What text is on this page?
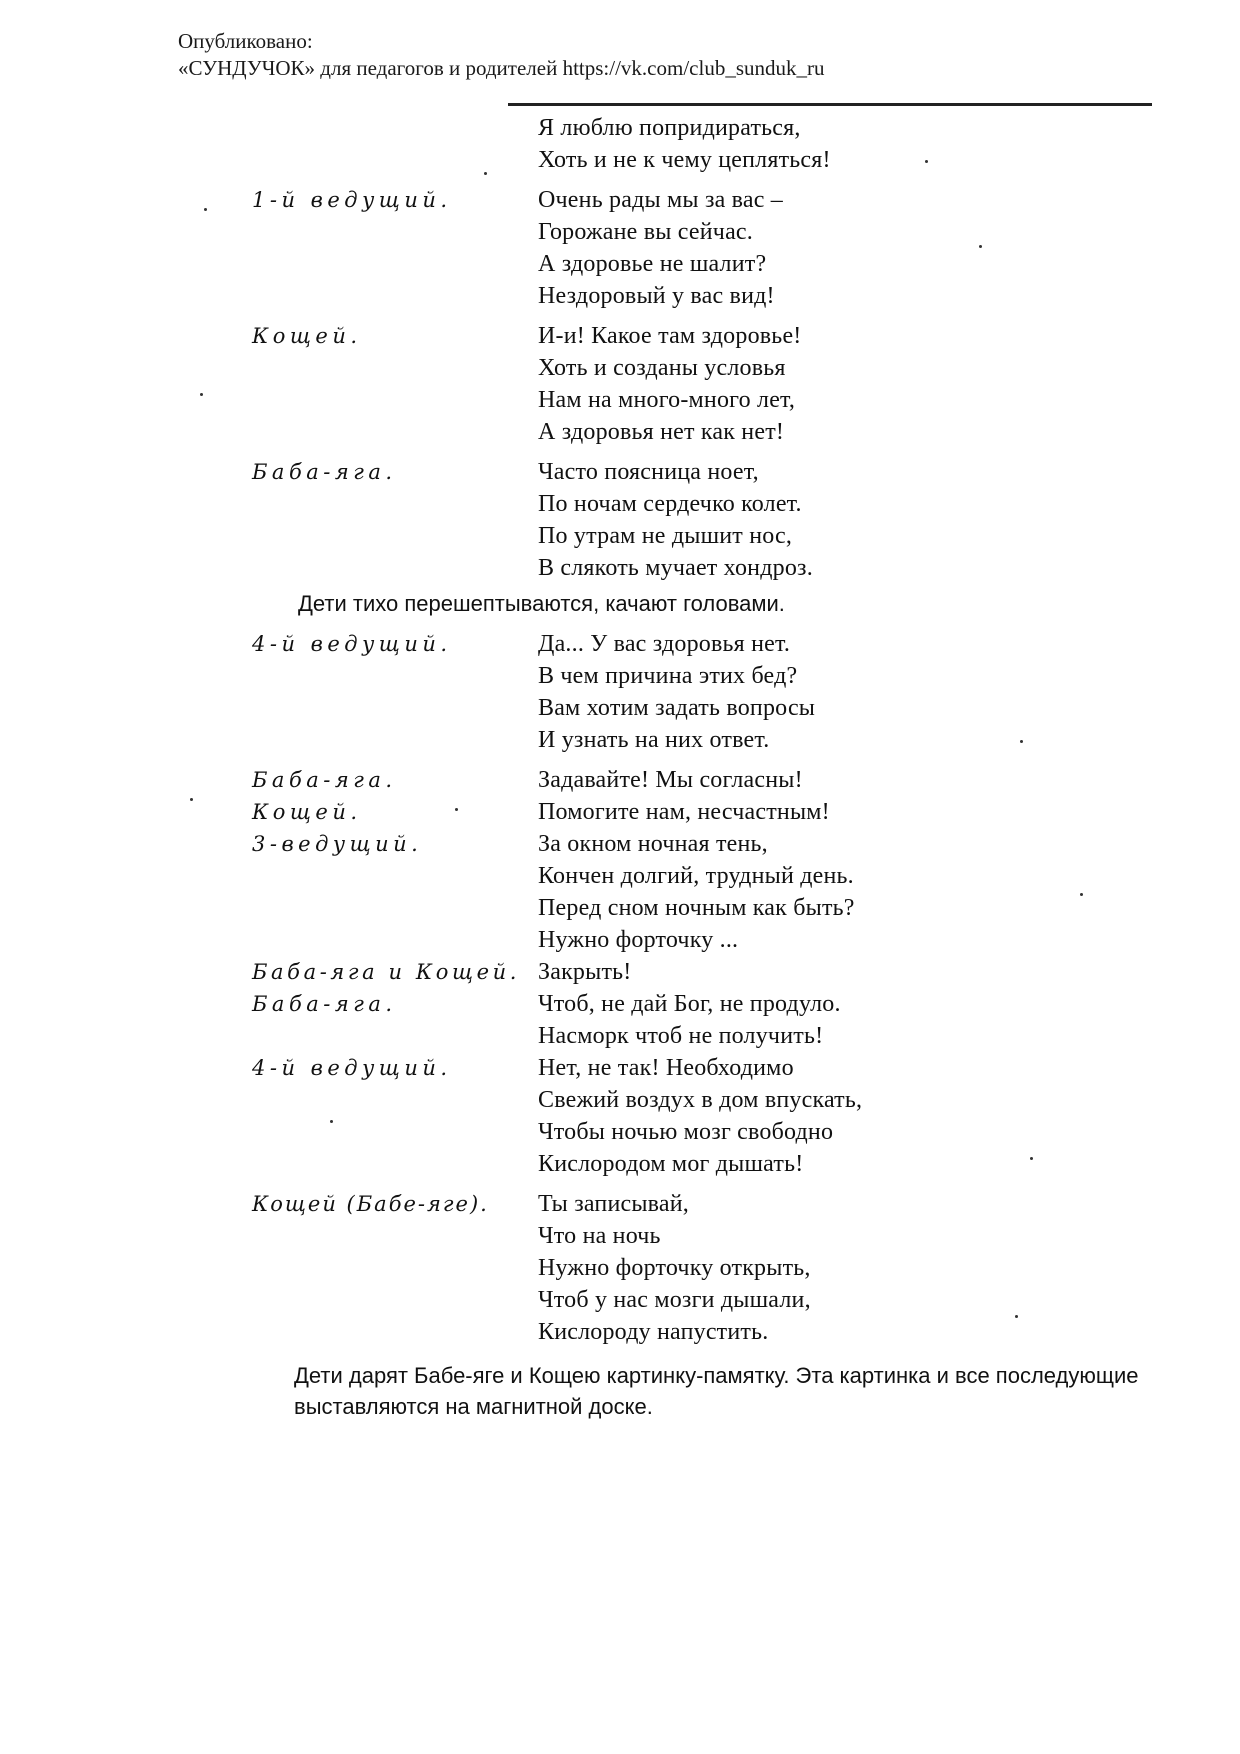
Опубликовано:
«СУНДУЧОК» для педагогов и родителей https://vk.com/club_sunduk_ru
Я люблю попридираться,
Хоть и не к чему цепляться!
1-й ведущий.	Очень рады мы за вас –
Горожане вы сейчас.
А здоровье не шалит?
Нездоровый у вас вид!
Кощей.	И-и! Какое там здоровье!
Хоть и созданы условья
Нам на много-много лет,
А здоровья нет как нет!
Баба-яга.	Часто поясница ноет,
По ночам сердечко колет.
По утрам не дышит нос,
В слякоть мучает хондроз.
4-й ведущий.	Да... У вас здоровья нет.
В чем причина этих бед?
Вам хотим задать вопросы
И узнать на них ответ.
Баба-яга.	Задавайте! Мы согласны!
Кощей.	Помогите нам, несчастным!
3-ведущий.	За окном ночная тень,
Кончен долгий, трудный день.
Перед сном ночным как быть?
Нужно форточку ...
Баба-яга и Кощей. Закрыть!
Баба-яга.	Чтоб, не дай Бог, не продуло.
Насморк чтоб не получить!
4-й ведущий.	Нет, не так! Необходимо
Свежий воздух в дом впускать,
Чтобы ночью мозг свободно
Кислородом мог дышать!
Кощей (Бабе-яге). Ты записывай,
Что на ночь
Нужно форточку открыть,
Чтоб у нас мозги дышали,
Кислороду напустить.
Дети тихо перешептываются, качают головами.
Дети дарят Бабе-яге и Кощею картинку-памятку. Эта картинка и все последующие выставляются на магнитной доске.
